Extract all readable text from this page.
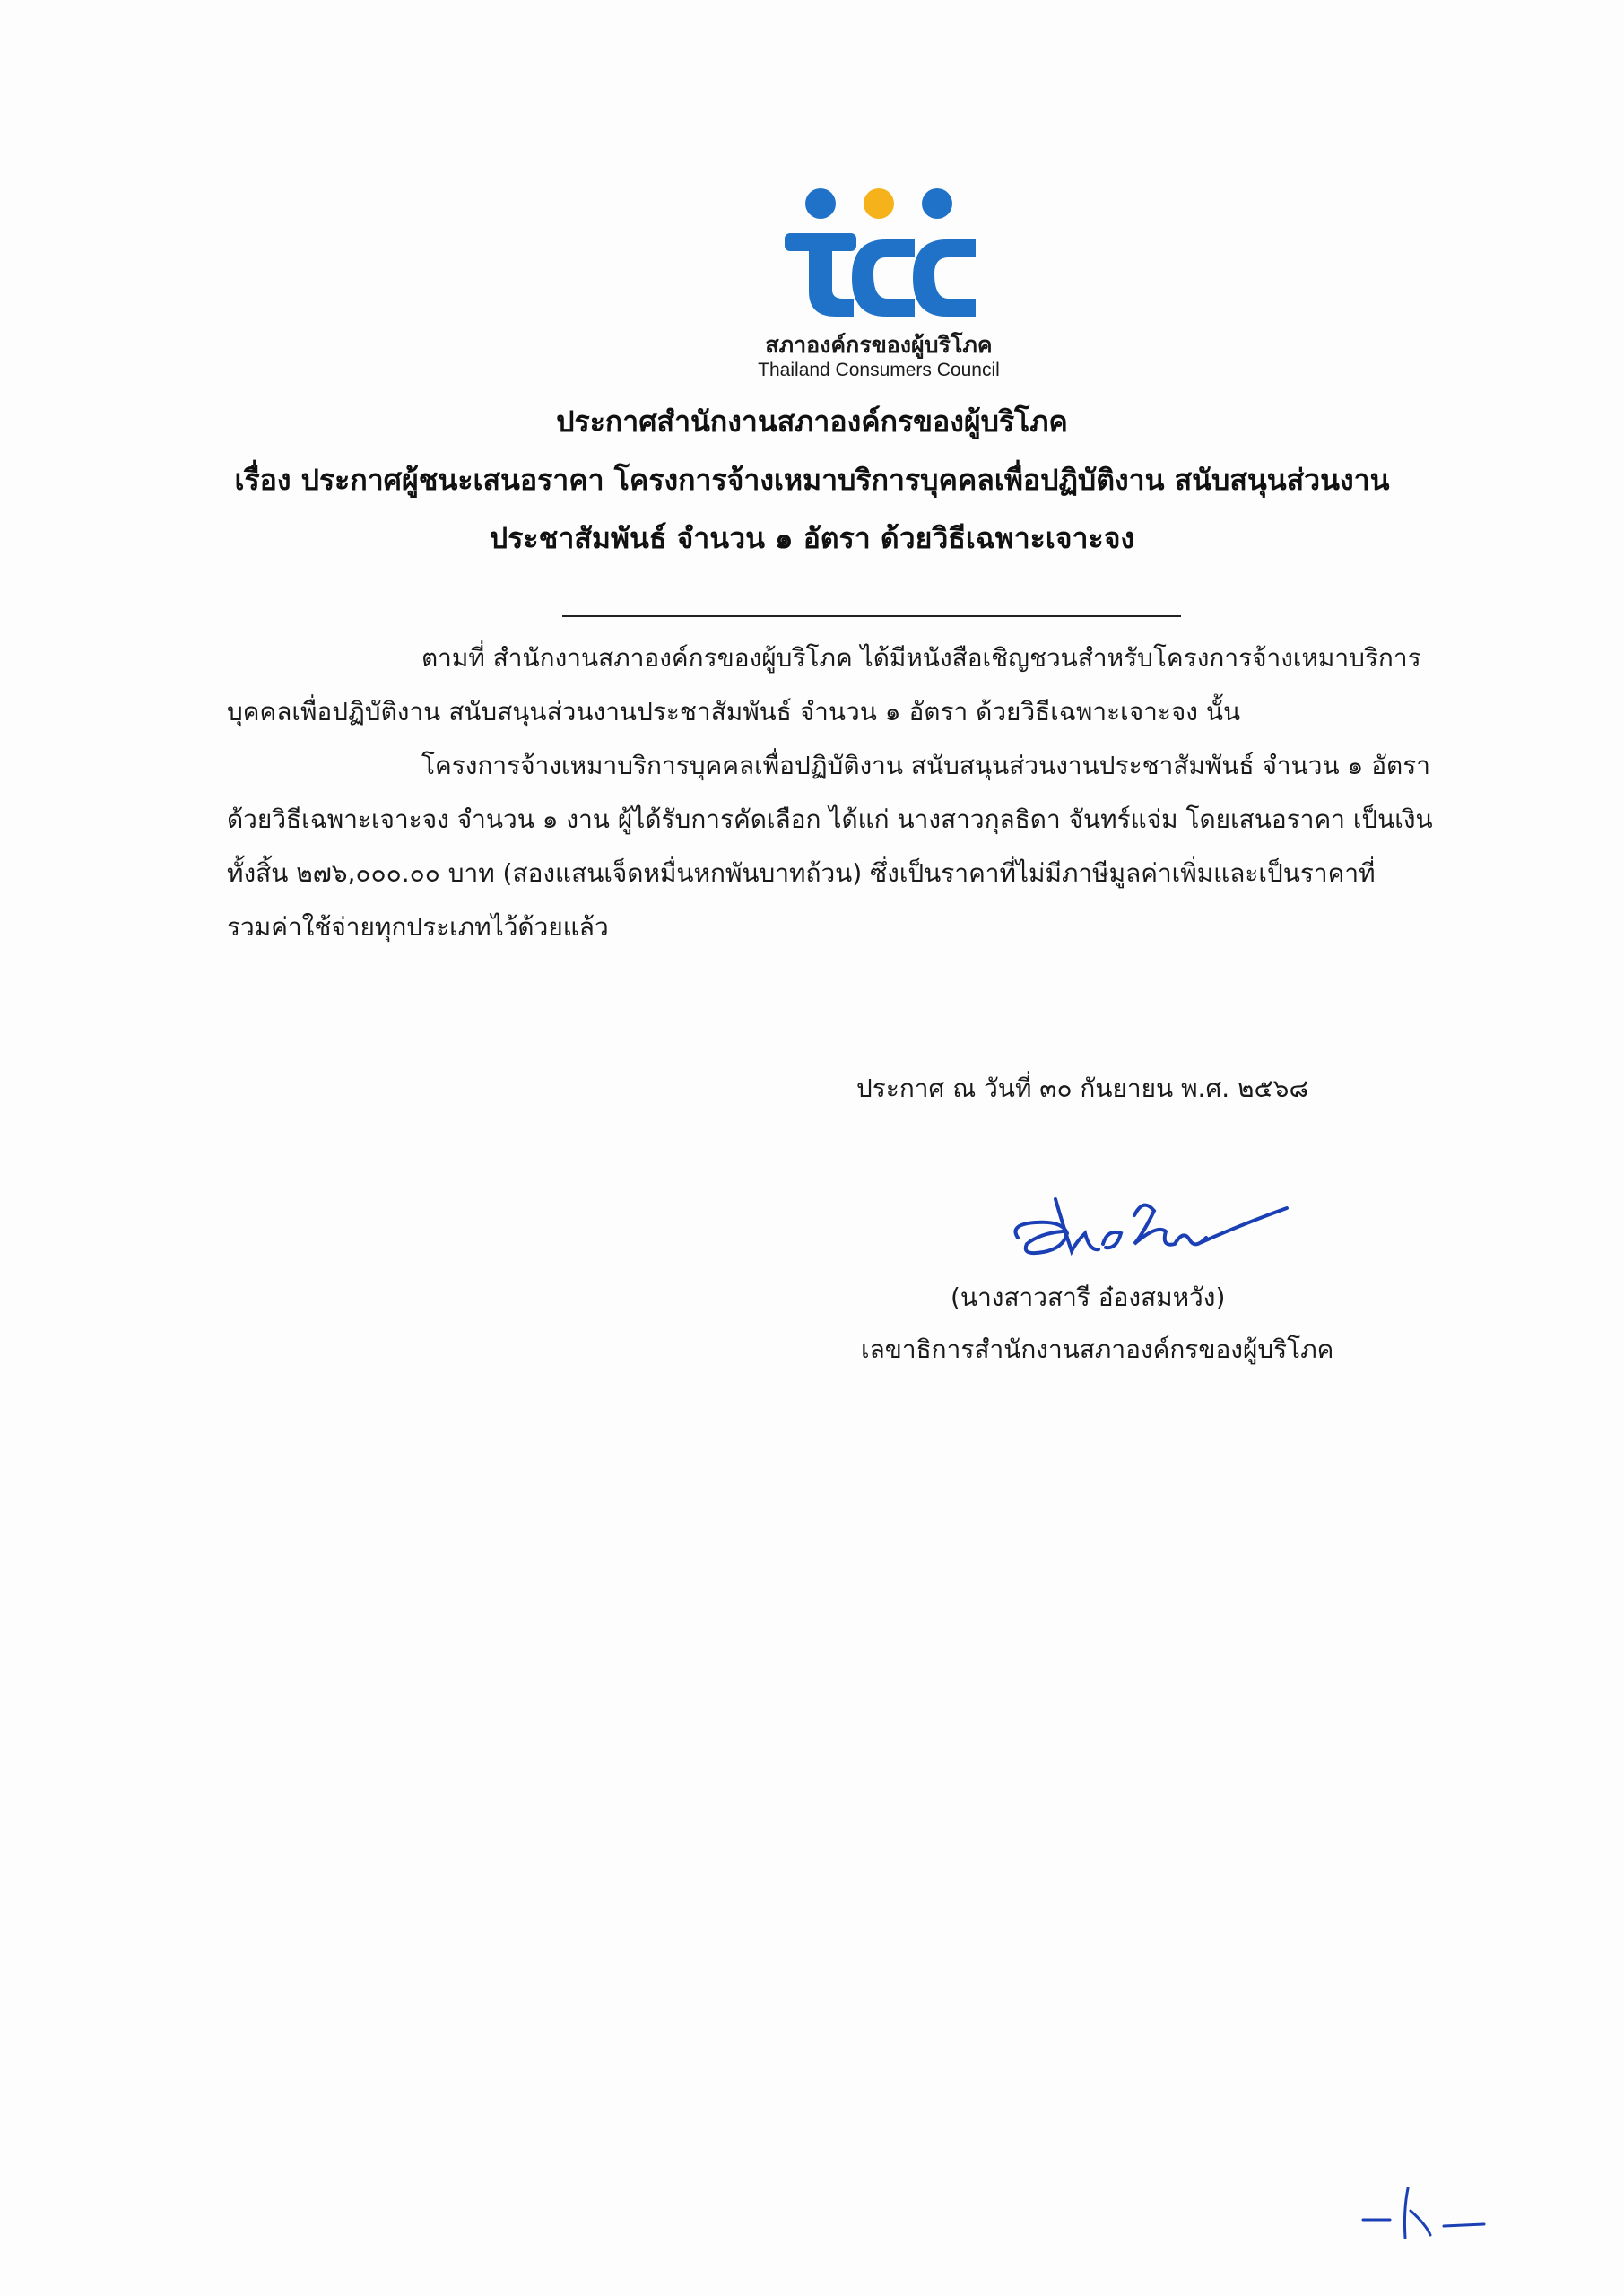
สภาองค์กรของผู้บริโภค
Thailand Consumers Council
ประกาศสำนักงานสภาองค์กรของผู้บริโภค
เรื่อง ประกาศผู้ชนะเสนอราคา โครงการจ้างเหมาบริการบุคคลเพื่อปฏิบัติงาน สนับสนุนส่วนงาน
ประชาสัมพันธ์ จำนวน ๑ อัตรา ด้วยวิธีเฉพาะเจาะจง
ตามที่ สำนักงานสภาองค์กรของผู้บริโภค ได้มีหนังสือเชิญชวนสำหรับโครงการจ้างเหมาบริการ
บุคคลเพื่อปฏิบัติงาน สนับสนุนส่วนงานประชาสัมพันธ์ จำนวน ๑ อัตรา ด้วยวิธีเฉพาะเจาะจง นั้น
โครงการจ้างเหมาบริการบุคคลเพื่อปฏิบัติงาน สนับสนุนส่วนงานประชาสัมพันธ์ จำนวน ๑ อัตรา
ด้วยวิธีเฉพาะเจาะจง จำนวน ๑ งาน ผู้ได้รับการคัดเลือก ได้แก่ นางสาวกุลธิดา จันทร์แจ่ม โดยเสนอราคา เป็นเงิน
ทั้งสิ้น ๒๗๖,๐๐๐.๐๐ บาท (สองแสนเจ็ดหมื่นหกพันบาทถ้วน) ซึ่งเป็นราคาที่ไม่มีภาษีมูลค่าเพิ่มและเป็นราคาที่
รวมค่าใช้จ่ายทุกประเภทไว้ด้วยแล้ว
ประกาศ ณ วันที่ ๓๐ กันยายน พ.ศ. ๒๕๖๘
(นางสาวสารี อ๋องสมหวัง)
เลขาธิการสำนักงานสภาองค์กรของผู้บริโภค
